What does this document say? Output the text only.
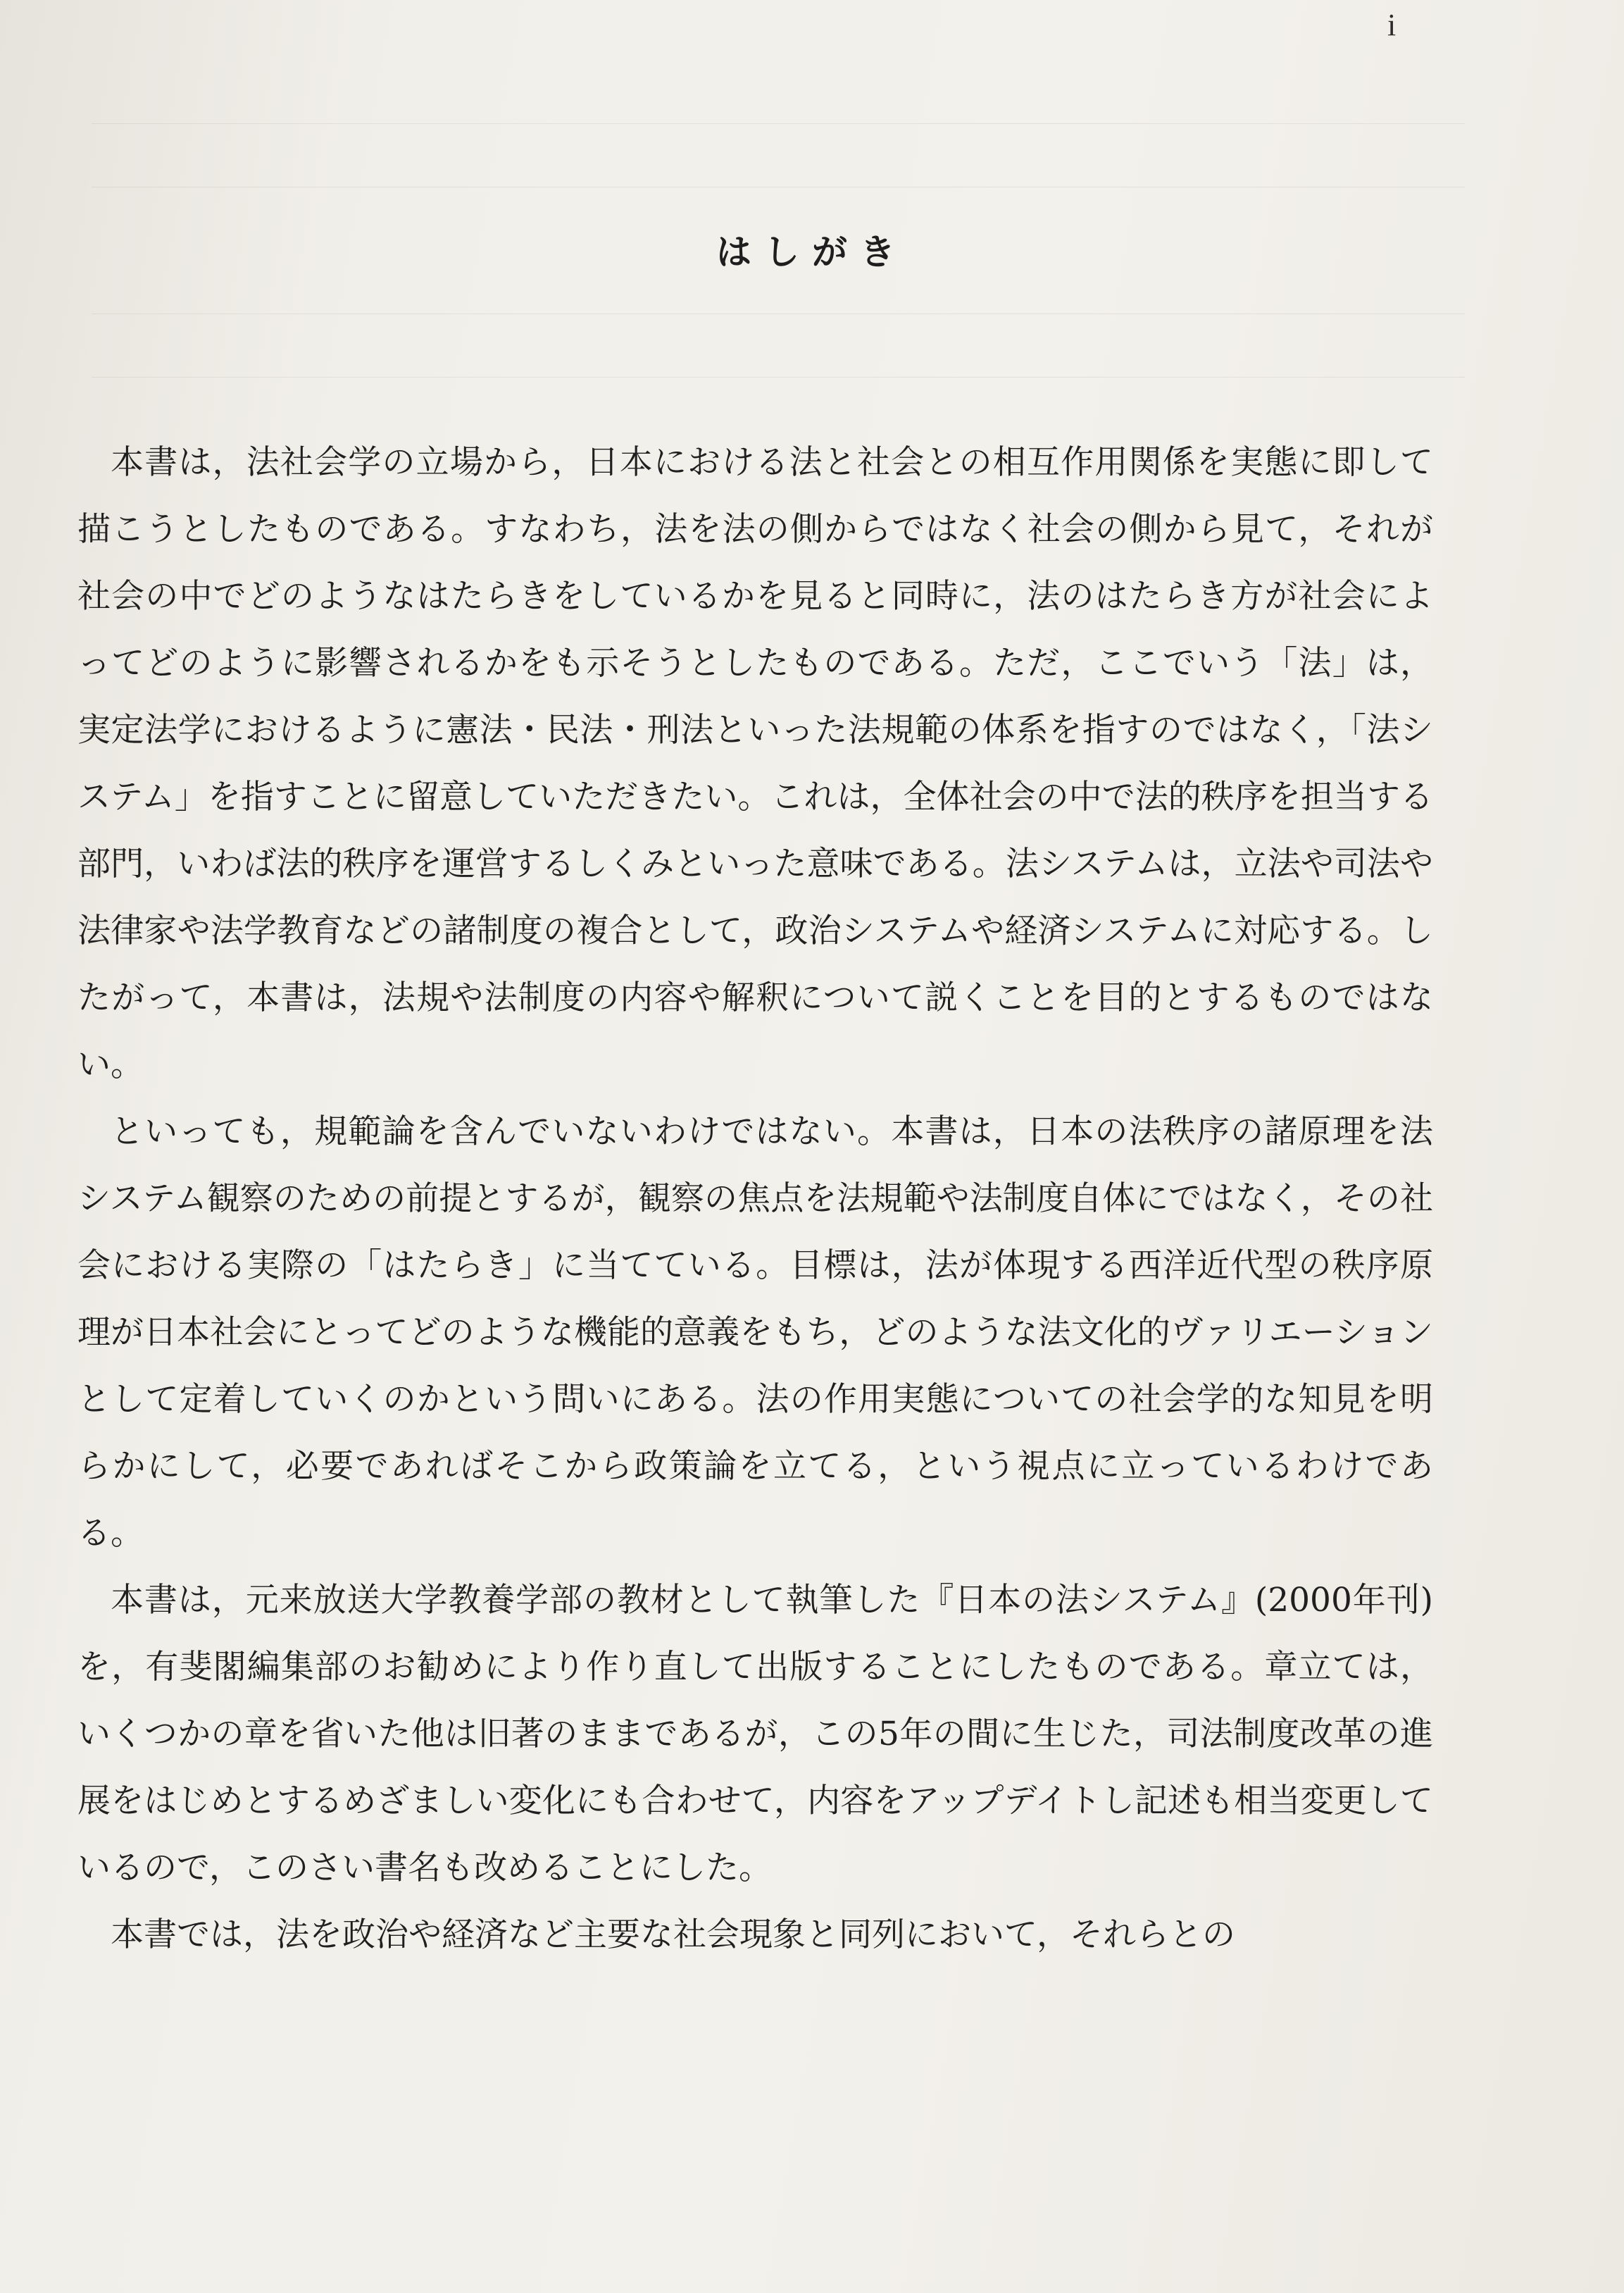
i
はしがき

本書は，法社会学の立場から，日本における法と社会との相互作用関係を実態に即して描こうとしたものである。すなわち，法を法の側からではなく社会の側から見て，それが社会の中でどのようなはたらきをしているかを見ると同時に，法のはたらき方が社会によってどのように影響されるかをも示そうとしたものである。ただ，ここでいう「法」は，実定法学におけるように憲法・民法・刑法といった法規範の体系を指すのではなく，「法システム」を指すことに留意していただきたい。これは，全体社会の中で法的秩序を担当する部門，いわば法的秩序を運営するしくみといった意味である。法システムは，立法や司法や法律家や法学教育などの諸制度の複合として，政治システムや経済システムに対応する。したがって，本書は，法規や法制度の内容や解釈について説くことを目的とするものではない。

といっても，規範論を含んでいないわけではない。本書は，日本の法秩序の諸原理を法システム観察のための前提とするが，観察の焦点を法規範や法制度自体にではなく，その社会における実際の「はたらき」に当てている。目標は，法が体現する西洋近代型の秩序原理が日本社会にとってどのような機能的意義をもち，どのような法文化的ヴァリエーションとして定着していくのかという問いにある。法の作用実態についての社会学的な知見を明らかにして，必要であればそこから政策論を立てる，という視点に立っているわけである。

本書は，元来放送大学教養学部の教材として執筆した『日本の法システム』(2000年刊) を，有斐閣編集部のお勧めにより作り直して出版することにしたものである。章立ては，いくつかの章を省いた他は旧著のままであるが，この5年の間に生じた，司法制度改革の進展をはじめとするめざましい変化にも合わせて，内容をアップデイトし記述も相当変更しているので，このさい書名も改めることにした。

本書では，法を政治や経済など主要な社会現象と同列において，それらとの
